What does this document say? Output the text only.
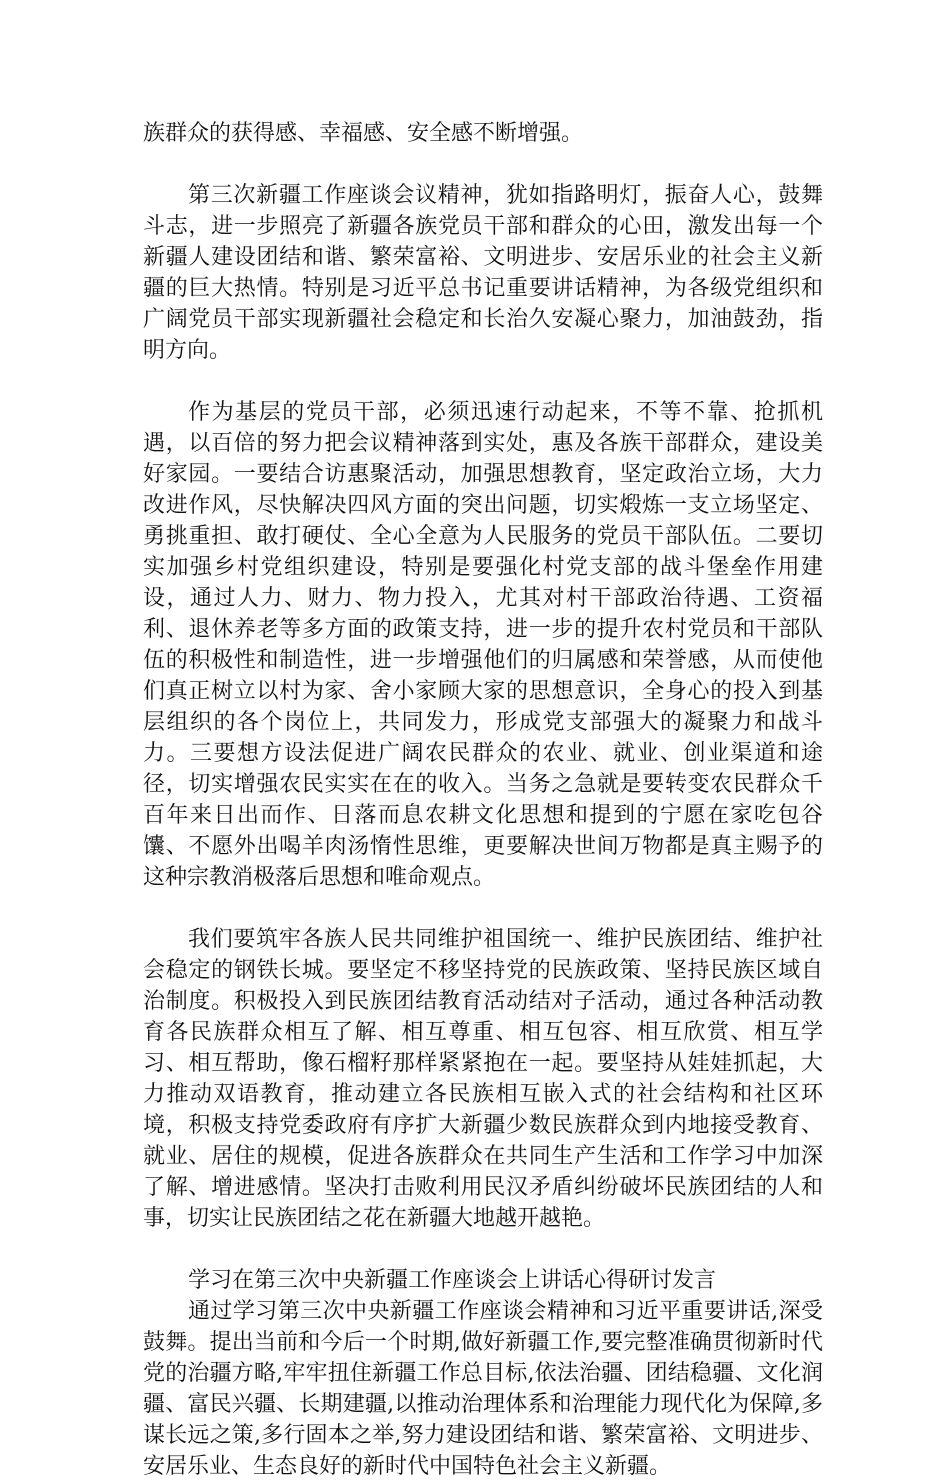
族群众的获得感、幸福感、安全感不断增强。

第三次新疆工作座谈会议精神，犹如指路明灯，振奋人心，鼓舞斗志，进一步照亮了新疆各族党员干部和群众的心田，激发出每一个新疆人建设团结和谐、繁荣富裕、文明进步、安居乐业的社会主义新疆的巨大热情。特别是习近平总书记重要讲话精神，为各级党组织和广阔党员干部实现新疆社会稳定和长治久安凝心聚力，加油鼓劲，指明方向。

作为基层的党员干部，必须迅速行动起来，不等不靠、抢抓机遇，以百倍的努力把会议精神落到实处，惠及各族干部群众，建设美好家园。一要结合访惠聚活动，加强思想教育，坚定政治立场，大力改进作风，尽快解决四风方面的突出问题，切实煅炼一支立场坚定、勇挑重担、敢打硬仗、全心全意为人民服务的党员干部队伍。二要切实加强乡村党组织建设，特别是要强化村党支部的战斗堡垒作用建设，通过人力、财力、物力投入，尤其对村干部政治待遇、工资福利、退休养老等多方面的政策支持，进一步的提升农村党员和干部队伍的积极性和制造性，进一步增强他们的归属感和荣誉感，从而使他们真正树立以村为家、舍小家顾大家的思想意识，全身心的投入到基层组织的各个岗位上，共同发力，形成党支部强大的凝聚力和战斗力。三要想方设法促进广阔农民群众的农业、就业、创业渠道和途径，切实增强农民实实在在的收入。当务之急就是要转变农民群众千百年来日出而作、日落而息农耕文化思想和提到的宁愿在家吃包谷馕、不愿外出喝羊肉汤惰性思维，更要解决世间万物都是真主赐予的这种宗教消极落后思想和唯命观点。

我们要筑牢各族人民共同维护祖国统一、维护民族团结、维护社会稳定的钢铁长城。要坚定不移坚持党的民族政策、坚持民族区域自治制度。积极投入到民族团结教育活动结对子活动，通过各种活动教育各民族群众相互了解、相互尊重、相互包容、相互欣赏、相互学习、相互帮助，像石榴籽那样紧紧抱在一起。要坚持从娃娃抓起，大力推动双语教育，推动建立各民族相互嵌入式的社会结构和社区环境，积极支持党委政府有序扩大新疆少数民族群众到内地接受教育、就业、居住的规模，促进各族群众在共同生产生活和工作学习中加深了解、增进感情。坚决打击败利用民汉矛盾纠纷破坏民族团结的人和事，切实让民族团结之花在新疆大地越开越艳。

学习在第三次中央新疆工作座谈会上讲话心得研讨发言

通过学习第三次中央新疆工作座谈会精神和习近平重要讲话,深受鼓舞。提出当前和今后一个时期,做好新疆工作,要完整准确贯彻新时代党的治疆方略,牢牢扭住新疆工作总目标,依法治疆、团结稳疆、文化润疆、富民兴疆、长期建疆,以推动治理体系和治理能力现代化为保障,多谋长远之策,多行固本之举,努力建设团结和谐、繁荣富裕、文明进步、安居乐业、生态良好的新时代中国特色社会主义新疆。
